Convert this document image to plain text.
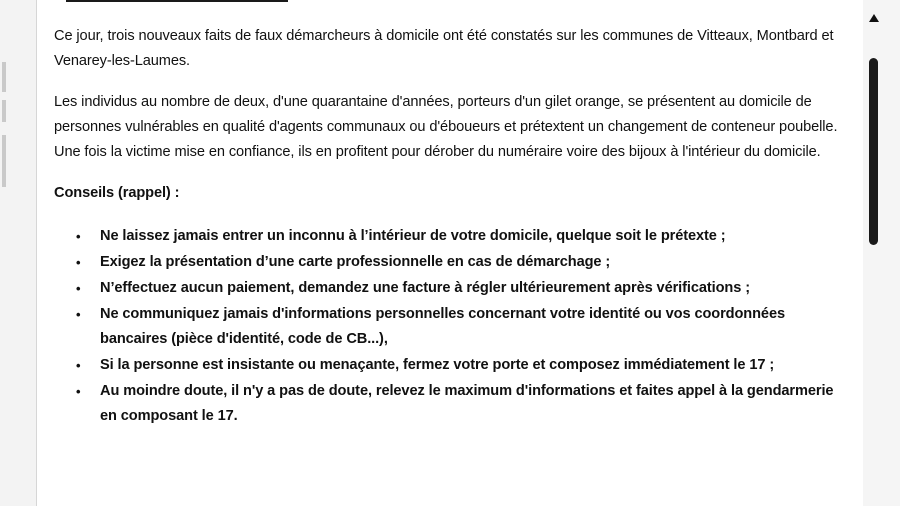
Ce jour, trois nouveaux faits de faux démarcheurs à domicile ont été constatés sur les communes de Vitteaux, Montbard et Venarey-les-Laumes.

Les individus au nombre de deux, d'une quarantaine d'années, porteurs d'un gilet orange, se présentent au domicile de personnes vulnérables en qualité d'agents communaux ou d'éboueurs et prétextent un changement de conteneur poubelle. Une fois la victime mise en confiance, ils en profitent pour dérober du numéraire voire des bijoux à l'intérieur du domicile.

Conseils (rappel) :

• Ne laissez jamais entrer un inconnu à l’intérieur de votre domicile, quelque soit le prétexte ;
• Exigez la présentation d’une carte professionnelle en cas de démarchage ;
• N’effectuez aucun paiement, demandez une facture à régler ultérieurement après vérifications ;
• Ne communiquez jamais d'informations personnelles concernant votre identité ou vos coordonnées bancaires (pièce d'identité, code de CB...),
• Si la personne est insistante ou menaçante, fermez votre porte et composez immédiatement le 17 ;
• Au moindre doute, il n'y a pas de doute, relevez le maximum d'informations et faites appel à la gendarmerie en composant le 17.
